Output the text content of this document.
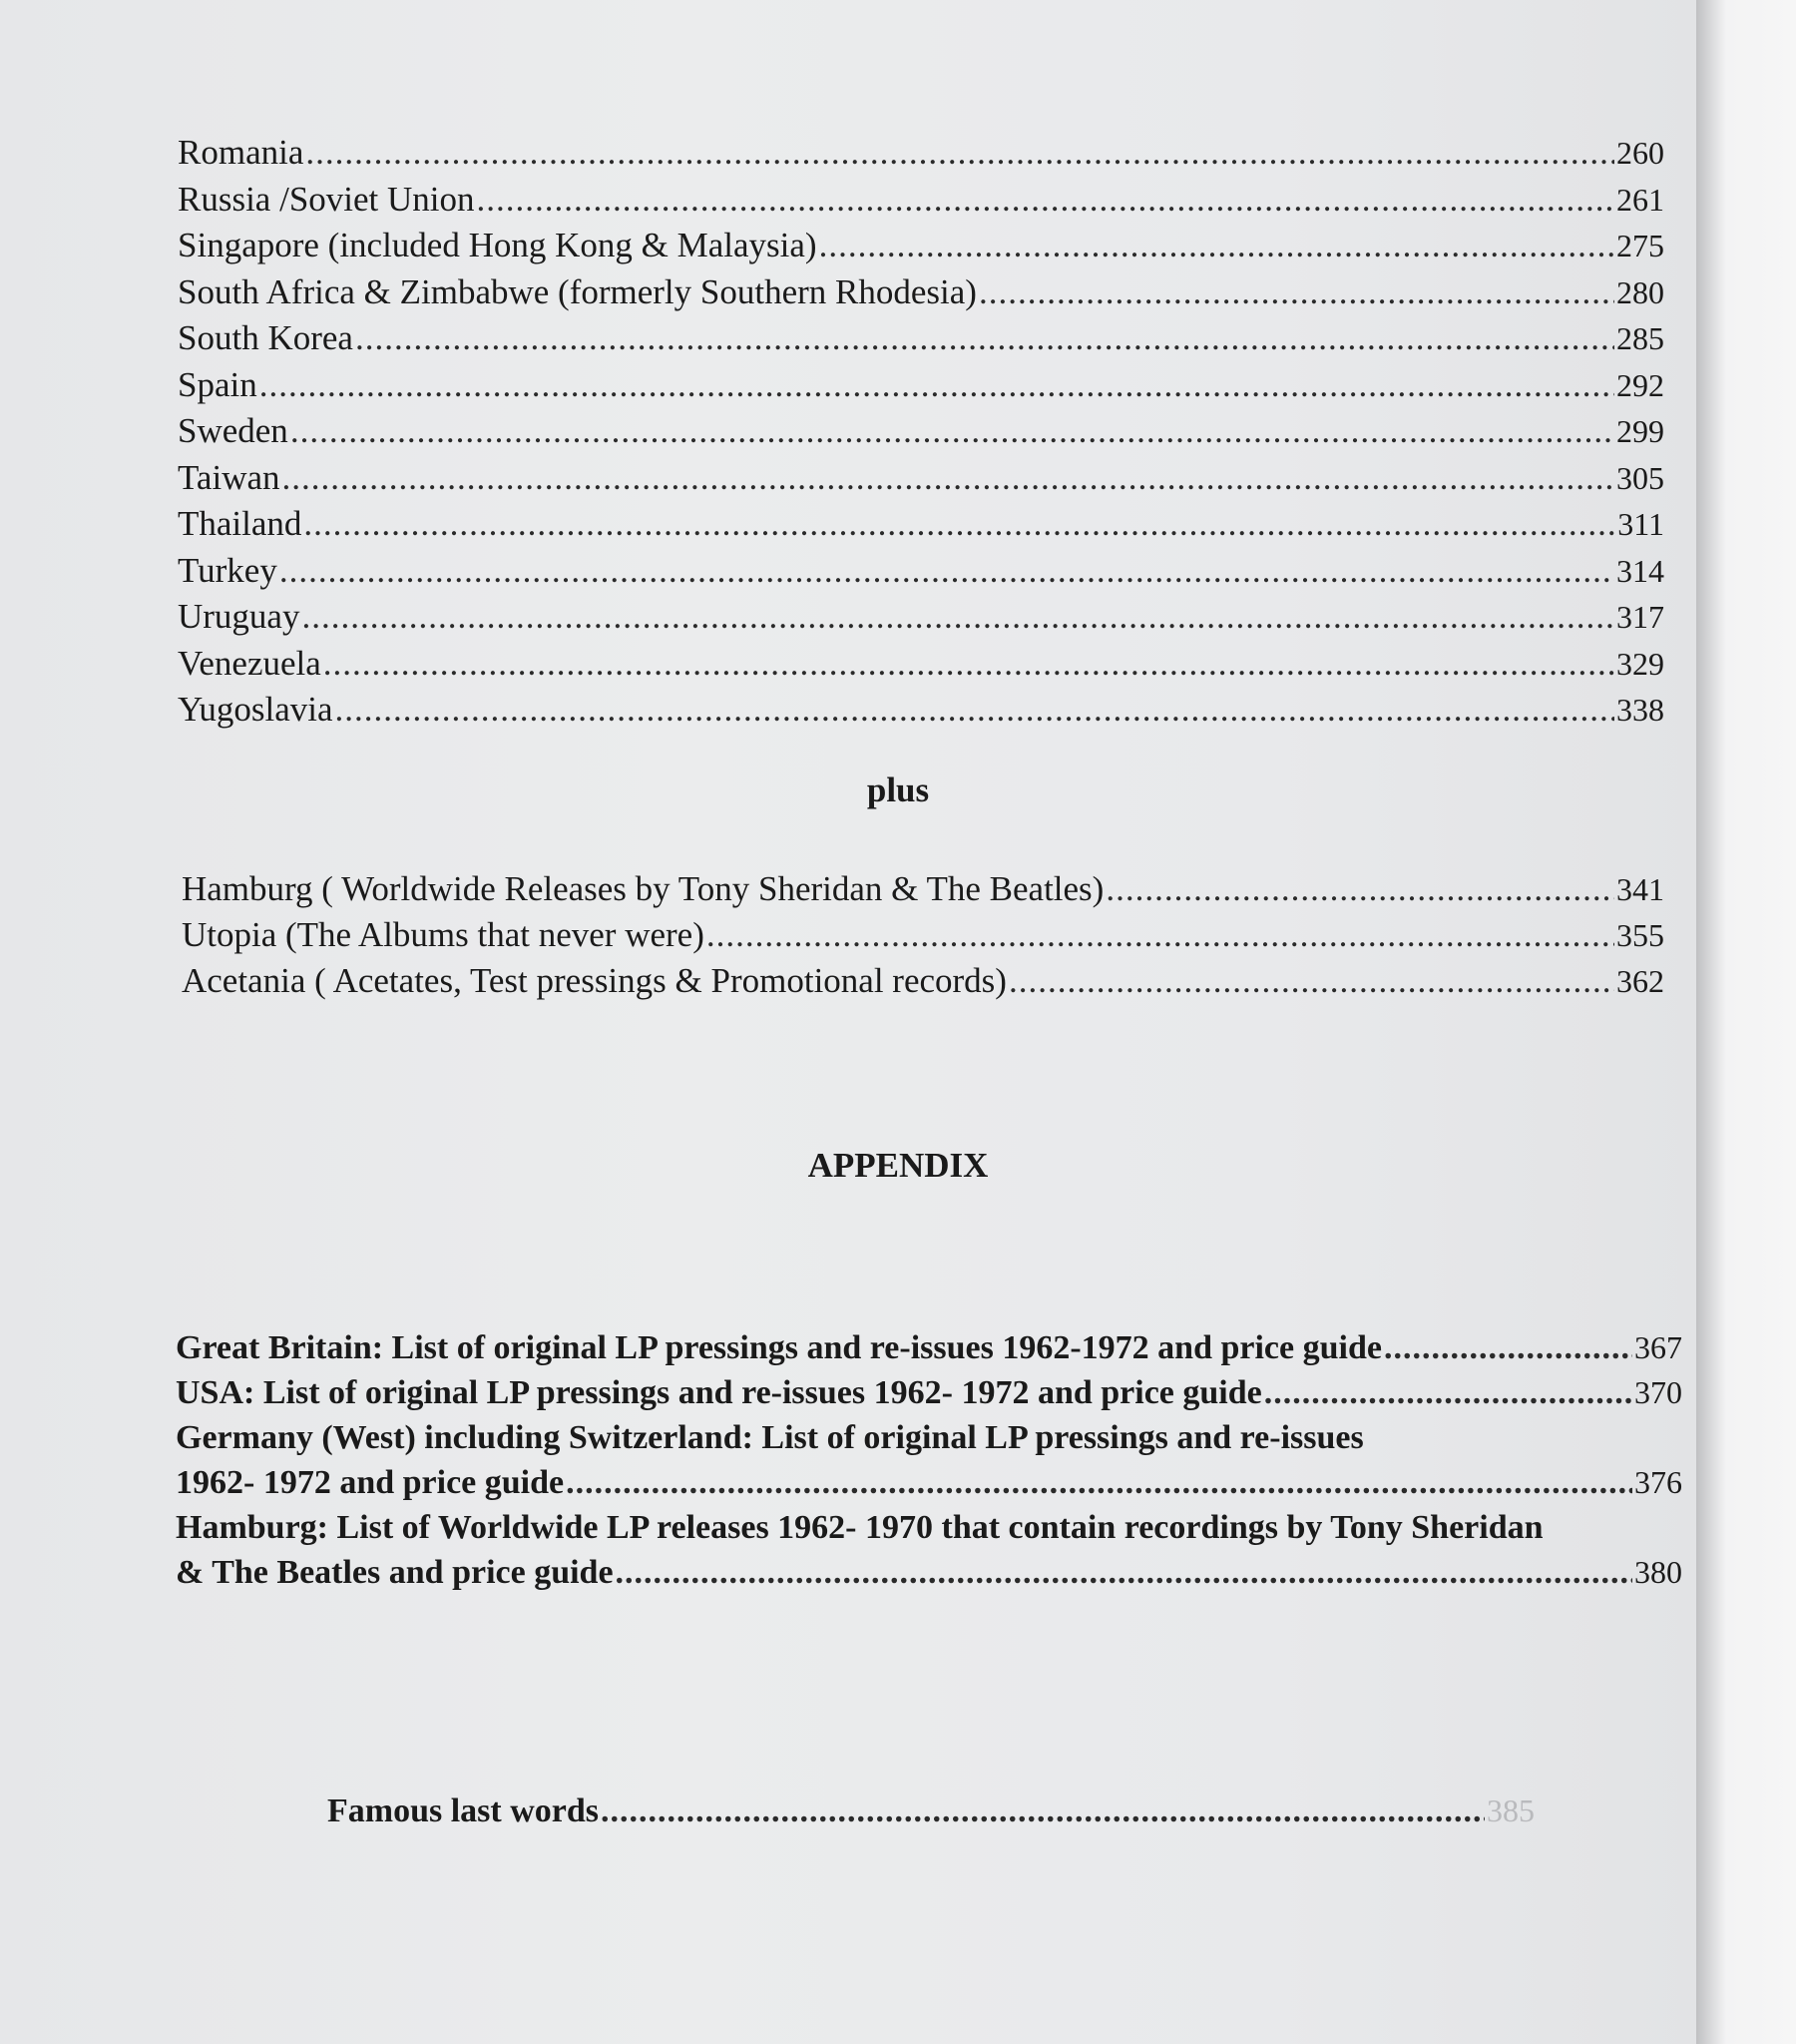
Romania .....	260
Russia /Soviet Union .....	261
Singapore (included Hong Kong & Malaysia) .....	275
South Africa & Zimbabwe (formerly Southern Rhodesia) .....	280
South Korea .....	285
Spain .....	292
Sweden .....	299
Taiwan .....	305
Thailand .....	311
Turkey .....	314
Uruguay .....	317
Venezuela .....	329
Yugoslavia .....	338
plus
Hamburg ( Worldwide Releases by Tony Sheridan & The Beatles) .....	341
Utopia (The Albums that never were) .....	355
Acetania ( Acetates, Test pressings & Promotional records) .....	362
APPENDIX
Great Britain: List of original LP pressings and re-issues 1962-1972 and price guide .....	367
USA: List of original LP pressings and re-issues 1962- 1972 and price guide .....	370
Germany (West) including Switzerland: List of original LP pressings and re-issues
1962- 1972 and price guide .....	376
Hamburg: List of Worldwide LP releases 1962- 1970 that contain recordings by Tony Sheridan
& The Beatles and price guide .....	380
Famous last words .....	385
